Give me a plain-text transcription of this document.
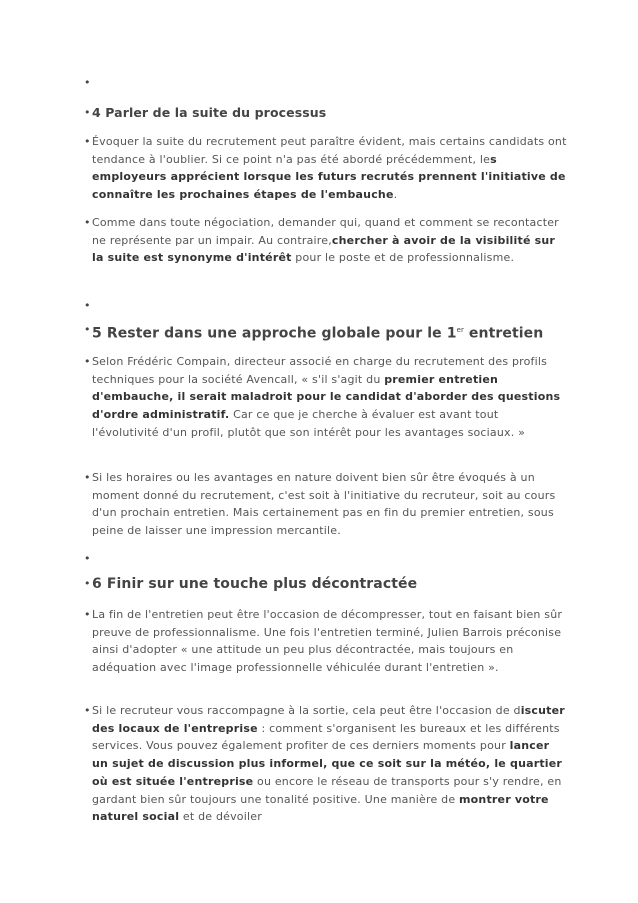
•
• 4 Parler de la suite du processus
• Évoquer la suite du recrutement peut paraître évident, mais certains candidats ont tendance à l'oublier. Si ce point n'a pas été abordé précédemment, les employeurs apprécient lorsque les futurs recrutés prennent l'initiative de connaître les prochaines étapes de l'embauche.
• Comme dans toute négociation, demander qui, quand et comment se recontacter ne représente par un impair. Au contraire,chercher à avoir de la visibilité sur la suite est synonyme d'intérêt pour le poste et de professionnalisme.
•
• 5 Rester dans une approche globale pour le 1er entretien
• Selon Frédéric Compain, directeur associé en charge du recrutement des profils techniques pour la société Avencall, « s'il s'agit du premier entretien d'embauche, il serait maladroit pour le candidat d'aborder des questions d'ordre administratif. Car ce que je cherche à évaluer est avant tout l'évolutivité d'un profil, plutôt que son intérêt pour les avantages sociaux. »
• Si les horaires ou les avantages en nature doivent bien sûr être évoqués à un moment donné du recrutement, c'est soit à l'initiative du recruteur, soit au cours d'un prochain entretien. Mais certainement pas en fin du premier entretien, sous peine de laisser une impression mercantile.
•
• 6 Finir sur une touche plus décontractée
• La fin de l'entretien peut être l'occasion de décompresser, tout en faisant bien sûr preuve de professionnalisme. Une fois l'entretien terminé, Julien Barrois préconise ainsi d'adopter « une attitude un peu plus décontractée, mais toujours en adéquation avec l'image professionnelle véhiculée durant l'entretien ».
• Si le recruteur vous raccompagne à la sortie, cela peut être l'occasion de discuter des locaux de l'entreprise : comment s'organisent les bureaux et les différents services. Vous pouvez également profiter de ces derniers moments pour lancer un sujet de discussion plus informel, que ce soit sur la météo, le quartier où est située l'entreprise ou encore le réseau de transports pour s'y rendre, en gardant bien sûr toujours une tonalité positive. Une manière de montrer votre naturel social et de dévoiler
